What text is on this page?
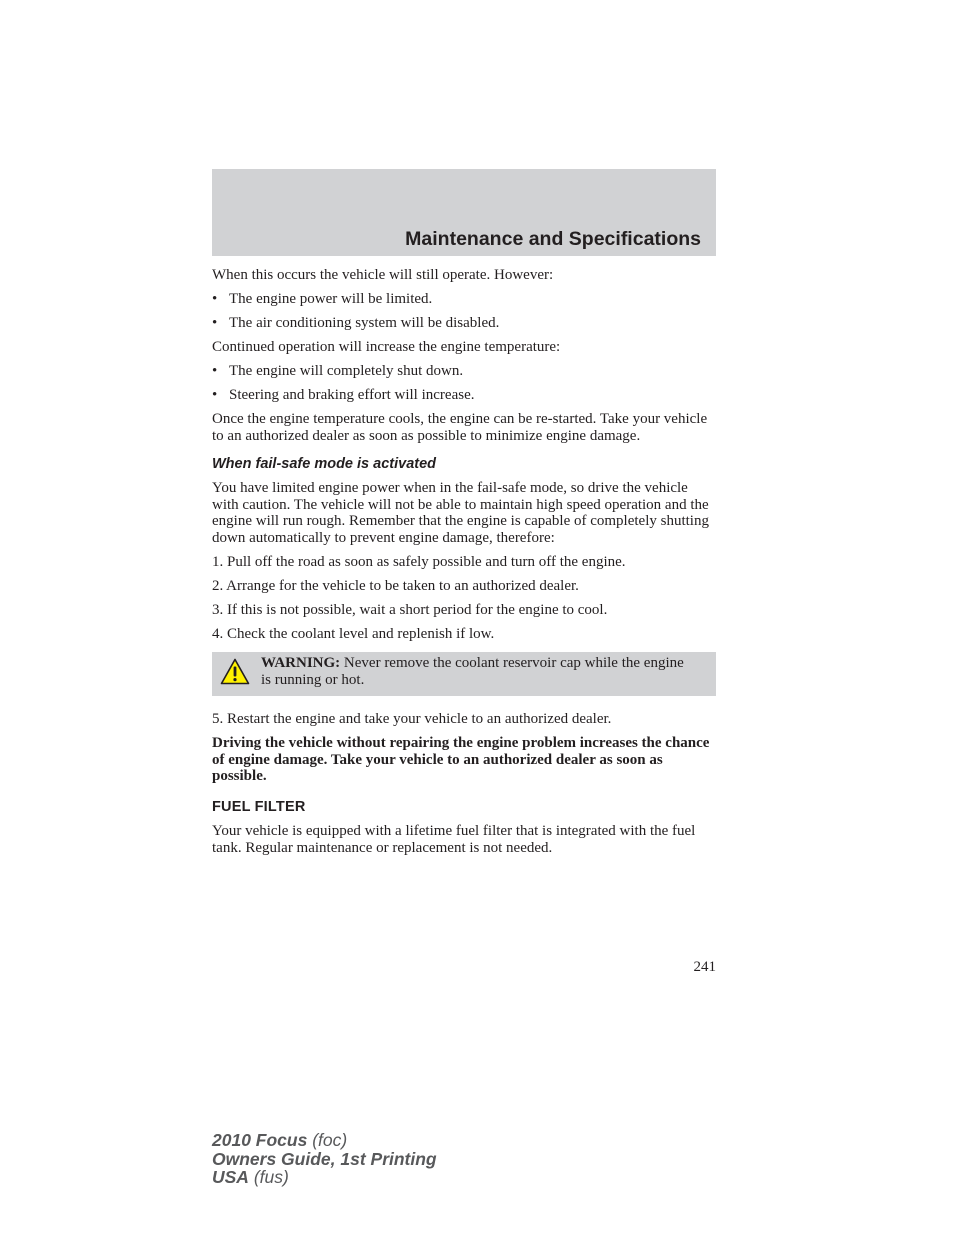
Maintenance and Specifications

When this occurs the vehicle will still operate. However:

• The engine power will be limited.
• The air conditioning system will be disabled.

Continued operation will increase the engine temperature:

• The engine will completely shut down.
• Steering and braking effort will increase.

Once the engine temperature cools, the engine can be re-started. Take your vehicle to an authorized dealer as soon as possible to minimize engine damage.

When fail-safe mode is activated

You have limited engine power when in the fail-safe mode, so drive the vehicle with caution. The vehicle will not be able to maintain high speed operation and the engine will run rough. Remember that the engine is capable of completely shutting down automatically to prevent engine damage, therefore:

1. Pull off the road as soon as safely possible and turn off the engine.
2. Arrange for the vehicle to be taken to an authorized dealer.
3. If this is not possible, wait a short period for the engine to cool.
4. Check the coolant level and replenish if low.
WARNING: Never remove the coolant reservoir cap while the engine is running or hot.
5. Restart the engine and take your vehicle to an authorized dealer.

Driving the vehicle without repairing the engine problem increases the chance of engine damage. Take your vehicle to an authorized dealer as soon as possible.

FUEL FILTER

Your vehicle is equipped with a lifetime fuel filter that is integrated with the fuel tank. Regular maintenance or replacement is not needed.

241
2010 Focus (foc)
Owners Guide, 1st Printing
USA (fus)
